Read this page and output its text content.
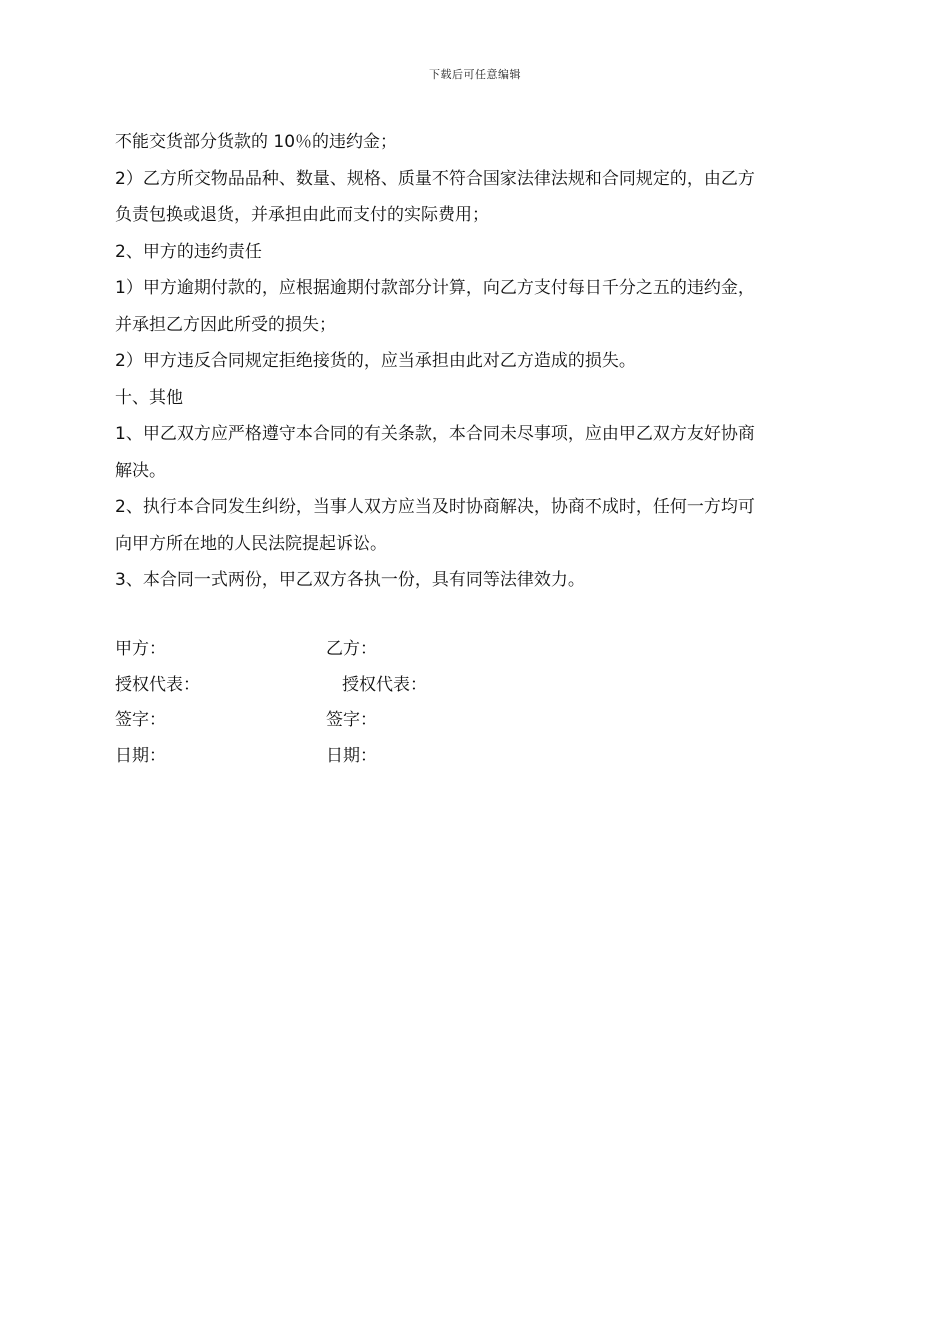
下载后可任意编辑

不能交货部分货款的 10％的违约金；

2）乙方所交物品品种、数量、规格、质量不符合国家法律法规和合同规定的，由乙方

负责包换或退货，并承担由此而支付的实际费用；

2、甲方的违约责任

1）甲方逾期付款的，应根据逾期付款部分计算，向乙方支付每日千分之五的违约金，

并承担乙方因此所受的损失；

2）甲方违反合同规定拒绝接货的，应当承担由此对乙方造成的损失。

十、其他

1、甲乙双方应严格遵守本合同的有关条款，本合同未尽事项，应由甲乙双方友好协商

解决。

2、执行本合同发生纠纷，当事人双方应当及时协商解决，协商不成时，任何一方均可

向甲方所在地的人民法院提起诉讼。

3、本合同一式两份，甲乙双方各执一份，具有同等法律效力。

甲方：	乙方：
授权代表：	授权代表：
签字：	签字：
日期：	日期：
